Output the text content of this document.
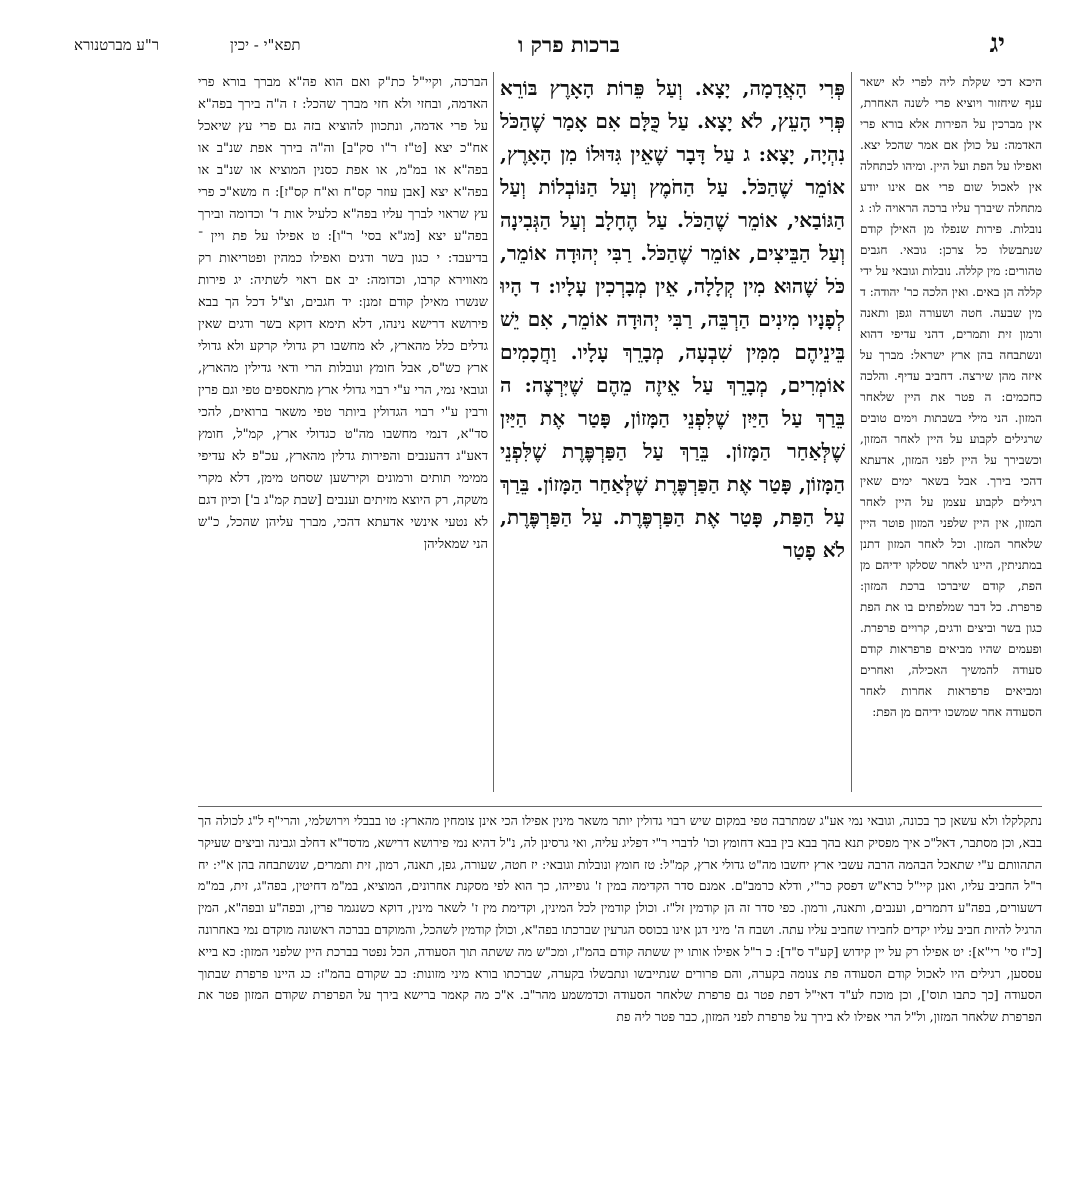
יג
תפא"י - יכין	ברכות פרק ו
ר"ע מברטנורא

הברכה, וקיי"ל כת"ק ואם הוא פה"א מברך בורא פרי האדמה, ובחזי ולא חזי מברך שהכל: ז ה"ה בירך בפה"א על פרי אדמה, ונתכוון להוציא בזה גם פרי עץ שיאכל אח"כ יצא [ט"ז ר"ו סק"ב] וה"ה בירך אפת שנ"ב או בפה"א או במ"מ, או אפת כסנין המוציא או שנ"ב או בפה"א יצא [אבן עוזר קס"ח וא"ח קס"ז]: ח משא"כ פרי עץ שראוי לברך עליו בפה"א כלעיל אות ד' וכדומה ובירך בפה"ע יצא [מג"א בסי' ר"ו]: ט אפילו על פת ויין ־ בדיעבד: י כגון בשר ודגים ואפילו כמהין ופטריאות רק מאווירא קרבו, וכדומה: יב אם ראוי לשתיה: יג פירות שנשרו מאילן קודם זמנן: יד חגבים, וצ"ל דכל הך בבא פירושא דרישא נינהו, דלא תימא דוקא בשר ודגים שאין גדלים כלל מהארץ, לא מחשבו רק גדולי קרקע ולא גדולי ארץ כש"ס, אבל חומץ ונובלות הרי ודאי גדילין מהארץ, וגובאי נמי, הרי ע"י רבוי גדולי ארץ מתאספים טפי וגם פרין ורבין ע"י רבוי הגדולין ביותר טפי משאר ברואים, להכי סד"א, דנמי מחשבו מה"ט כגדולי ארץ, קמ"ל, חומץ דאע"ג דהענבים והפירות גדלין מהארץ, עכ"פ לא עדיפי ממימי תותים ורמונים וקירשען שסחט מימן, דלא מקרי משקה, רק היוצא מזיתים וענבים [שבת קמ"ג ב'] וכיון דגם לא נטעי אינשי אדעתא דהכי, מברך עליהן שהכל, כ"ש הני שמאליהן

פְּרִי הָאֲדָמָה, יָצָא. וְעַל פֵּרוֹת הָאָרֶץ בּוֹרֵא פְּרִי הָעֵץ, לֹא יָצָא. עַל כֻּלָּם אִם אָמַר שֶׁהַכֹּל נִהְיָה, יָצָא: ג עַל דָּבָר שֶׁאֵין גִּדּוּלוֹ מִן הָאָרֶץ, אוֹמֵר שֶׁהַכֹּל. עַל הַחֹמֶץ וְעַל הַנּוֹבְלוֹת וְעַל הַגּוֹבַאי, אוֹמֵר שֶׁהַכֹּל. עַל הֶחָלָב וְעַל הַגְּבִינָה וְעַל הַבֵּיצִים, אוֹמֵר שֶׁהַכֹּל. רַבִּי יְהוּדָה אוֹמֵר, כֹּל שֶׁהוּא מִין קְלָלָה, אֵין מְבָרְכִין עָלָיו: ד הָיוּ לְפָנָיו מִינִים הַרְבֵּה, רַבִּי יְהוּדָה אוֹמֵר, אִם יֵשׁ בֵּינֵיהֶם מִמִּין שִׁבְעָה, מְבָרֵךְ עָלָיו. וַחֲכָמִים אוֹמְרִים, מְבָרֵךְ עַל אֵיזֶה מֵהֶם שֶׁיִּרְצֶה: ה בֵּרַךְ עַל הַיַּיִן שֶׁלִּפְנֵי הַמָּזוֹן, פָּטַר אֶת הַיַּיִן שֶׁלְּאַחַר הַמָּזוֹן. בֵּרַךְ עַל הַפַּרְפֶּרֶת שֶׁלִּפְנֵי הַמָּזוֹן, פָּטַר אֶת הַפַּרְפֶּרֶת שֶׁלְּאַחַר הַמָּזוֹן. בֵּרַךְ עַל הַפַּת, פָּטַר אֶת הַפַּרְפֶּרֶת. עַל הַפַּרְפֶּרֶת, לֹא פָטַר

היכא דכי שקלת ליה לפרי לא ישאר ענף שיחזור ויוציא פרי לשנה האחרת, אין מברכין על הפירות אלא בורא פרי האדמה: על כולן אם אמר שהכל יצא. ואפילו על הפת ועל היין. ומיהו לכתחלה אין לאכול שום פרי אם אינו יודע מתחלה שיברך עליו ברכה הראויה לו: ג נובלות. פירות שנפלו מן האילן קודם שנתבשלו כל צרכן: גובאי. חגבים טהורים: מין קללה. נובלות וגובאי על ידי קללה הן באים. ואין הלכה כר' יהודה: ד מין שבעה. חטה ושעורה וגפן ותאנה ורמון זית ותמרים, דהני עדיפי דהוא ונשתבחה בהן ארץ ישראל: מברך על איזה מהן שירצה. דחביב עדיף. והלכה כחכמים: ה פטר את היין שלאחר המזון. הני מילי בשבתות וימים טובים שרגילים לקבוע על היין לאחר המזון, וכשבירך על היין לפני המזון, אדעתא דהכי בירך. אבל בשאר ימים שאין רגילים לקבוע עצמן על היין לאחר המזון, אין היין שלפני המזון פוטר היין שלאחר המזון. וכל לאחר המזון דתנן במתניתין, היינו לאחר שסלקו ידיהם מן הפת, קודם שיברכו ברכת המזון: פרפרת. כל דבר שמלפתים בו את הפת כגון בשר וביצים ודגים, קרויים פרפרת. ופעמים שהיו מביאים פרפראות קודם סעודה להמשיך האכילה, ואחרים ומביאים פרפראות אחרות לאחר הסעודה אחר שמשכו ידיהם מן הפת:

נתקלקלו ולא עשאן כך בכונה, וגובאי נמי אע"ג שמתרבה טפי במקום שיש רבוי גדולין יותר משאר מינין אפילו הכי אינן צומחין מהארץ: טו בבבלי וירושלמי, והרי"ף ל"ג לכולה הך בבא, וכן מסתבר, דאל"כ איך מפסיק תנא בהך בבא בין בבא דחומץ וכו' לדברי ר"י דפליג עליה, ואי גרסינן לה, נ"ל דהיא נמי פירושא דרישא, מדסד"א דחלב וגבינה וביצים שעיקר התהוותם ע"י שתאכל הבהמה הרבה עשבי ארץ יחשבו מה"ט גדולי ארץ, קמ"ל: טז חומץ ונובלות וגובאי: יז חטה, שעורה, גפן, תאנה, רמון, זית ותמרים, שנשתבחה בהן א"י: יח ר"ל החביב עליו, ואנן קיי"ל כרא"ש דפסק כר"י, ודלא כרמב"ם. אמנם סדר הקדימה במין ז' גופייהו, כך הוא לפי מסקנת אחרונים, המוציא, במ"מ דחיטין, בפה"ג, זית, במ"מ דשעורים, בפה"ע דתמרים, וענבים, ותאנה, ורמון. כפי סדר זה הן קודמין זל"ז. וכולן קודמין לכל המינין, וקדימת מין ז' לשאר מינין, דוקא כשנגמר פרין, ובפה"ע ובפה"א, המין הרגיל להיות חביב עליו יקדים לחבירו שחביב עליו עתה. ושבח ה' מיני דגן אינו בכוסס הגרעין שברכתו בפה"א, וכולן קודמין לשהכל, והמוקדם בברכה ראשונה מוקדם נמי באחרונה [כ"ז סי' רי"א]: יט אפילו רק על יין קידוש [קע"ד ס"ד]: כ ר"ל אפילו אותו יין ששתה קודם בהמ"ז, ומכ"ש מה ששתה תוך הסעודה, הכל נפטר בברכת היין שלפני המזון: כא בייא עססען, רגילים היו לאכול קודם הסעודה פת צנומה בקערה, והם פרורים שנתייבשו ונתבשלו בקערה, שברכתו בורא מיני מזונות: כב שקודם בהמ"ז: כג היינו פרפרת שבתוך הסעודה [כך כתבו תוס'], וכן מוכח לע"ד דאי"ל דפת פטר גם פרפרת שלאחר הסעודה וכדמשמע מהר"ב. א"כ מה קאמר ברישא בירך על הפרפרת שקודם המזון פטר את הפרפרת שלאחר המזון, ול"ל הרי אפילו לא בירך על פרפרת לפני המזון, כבר פטר ליה פת
